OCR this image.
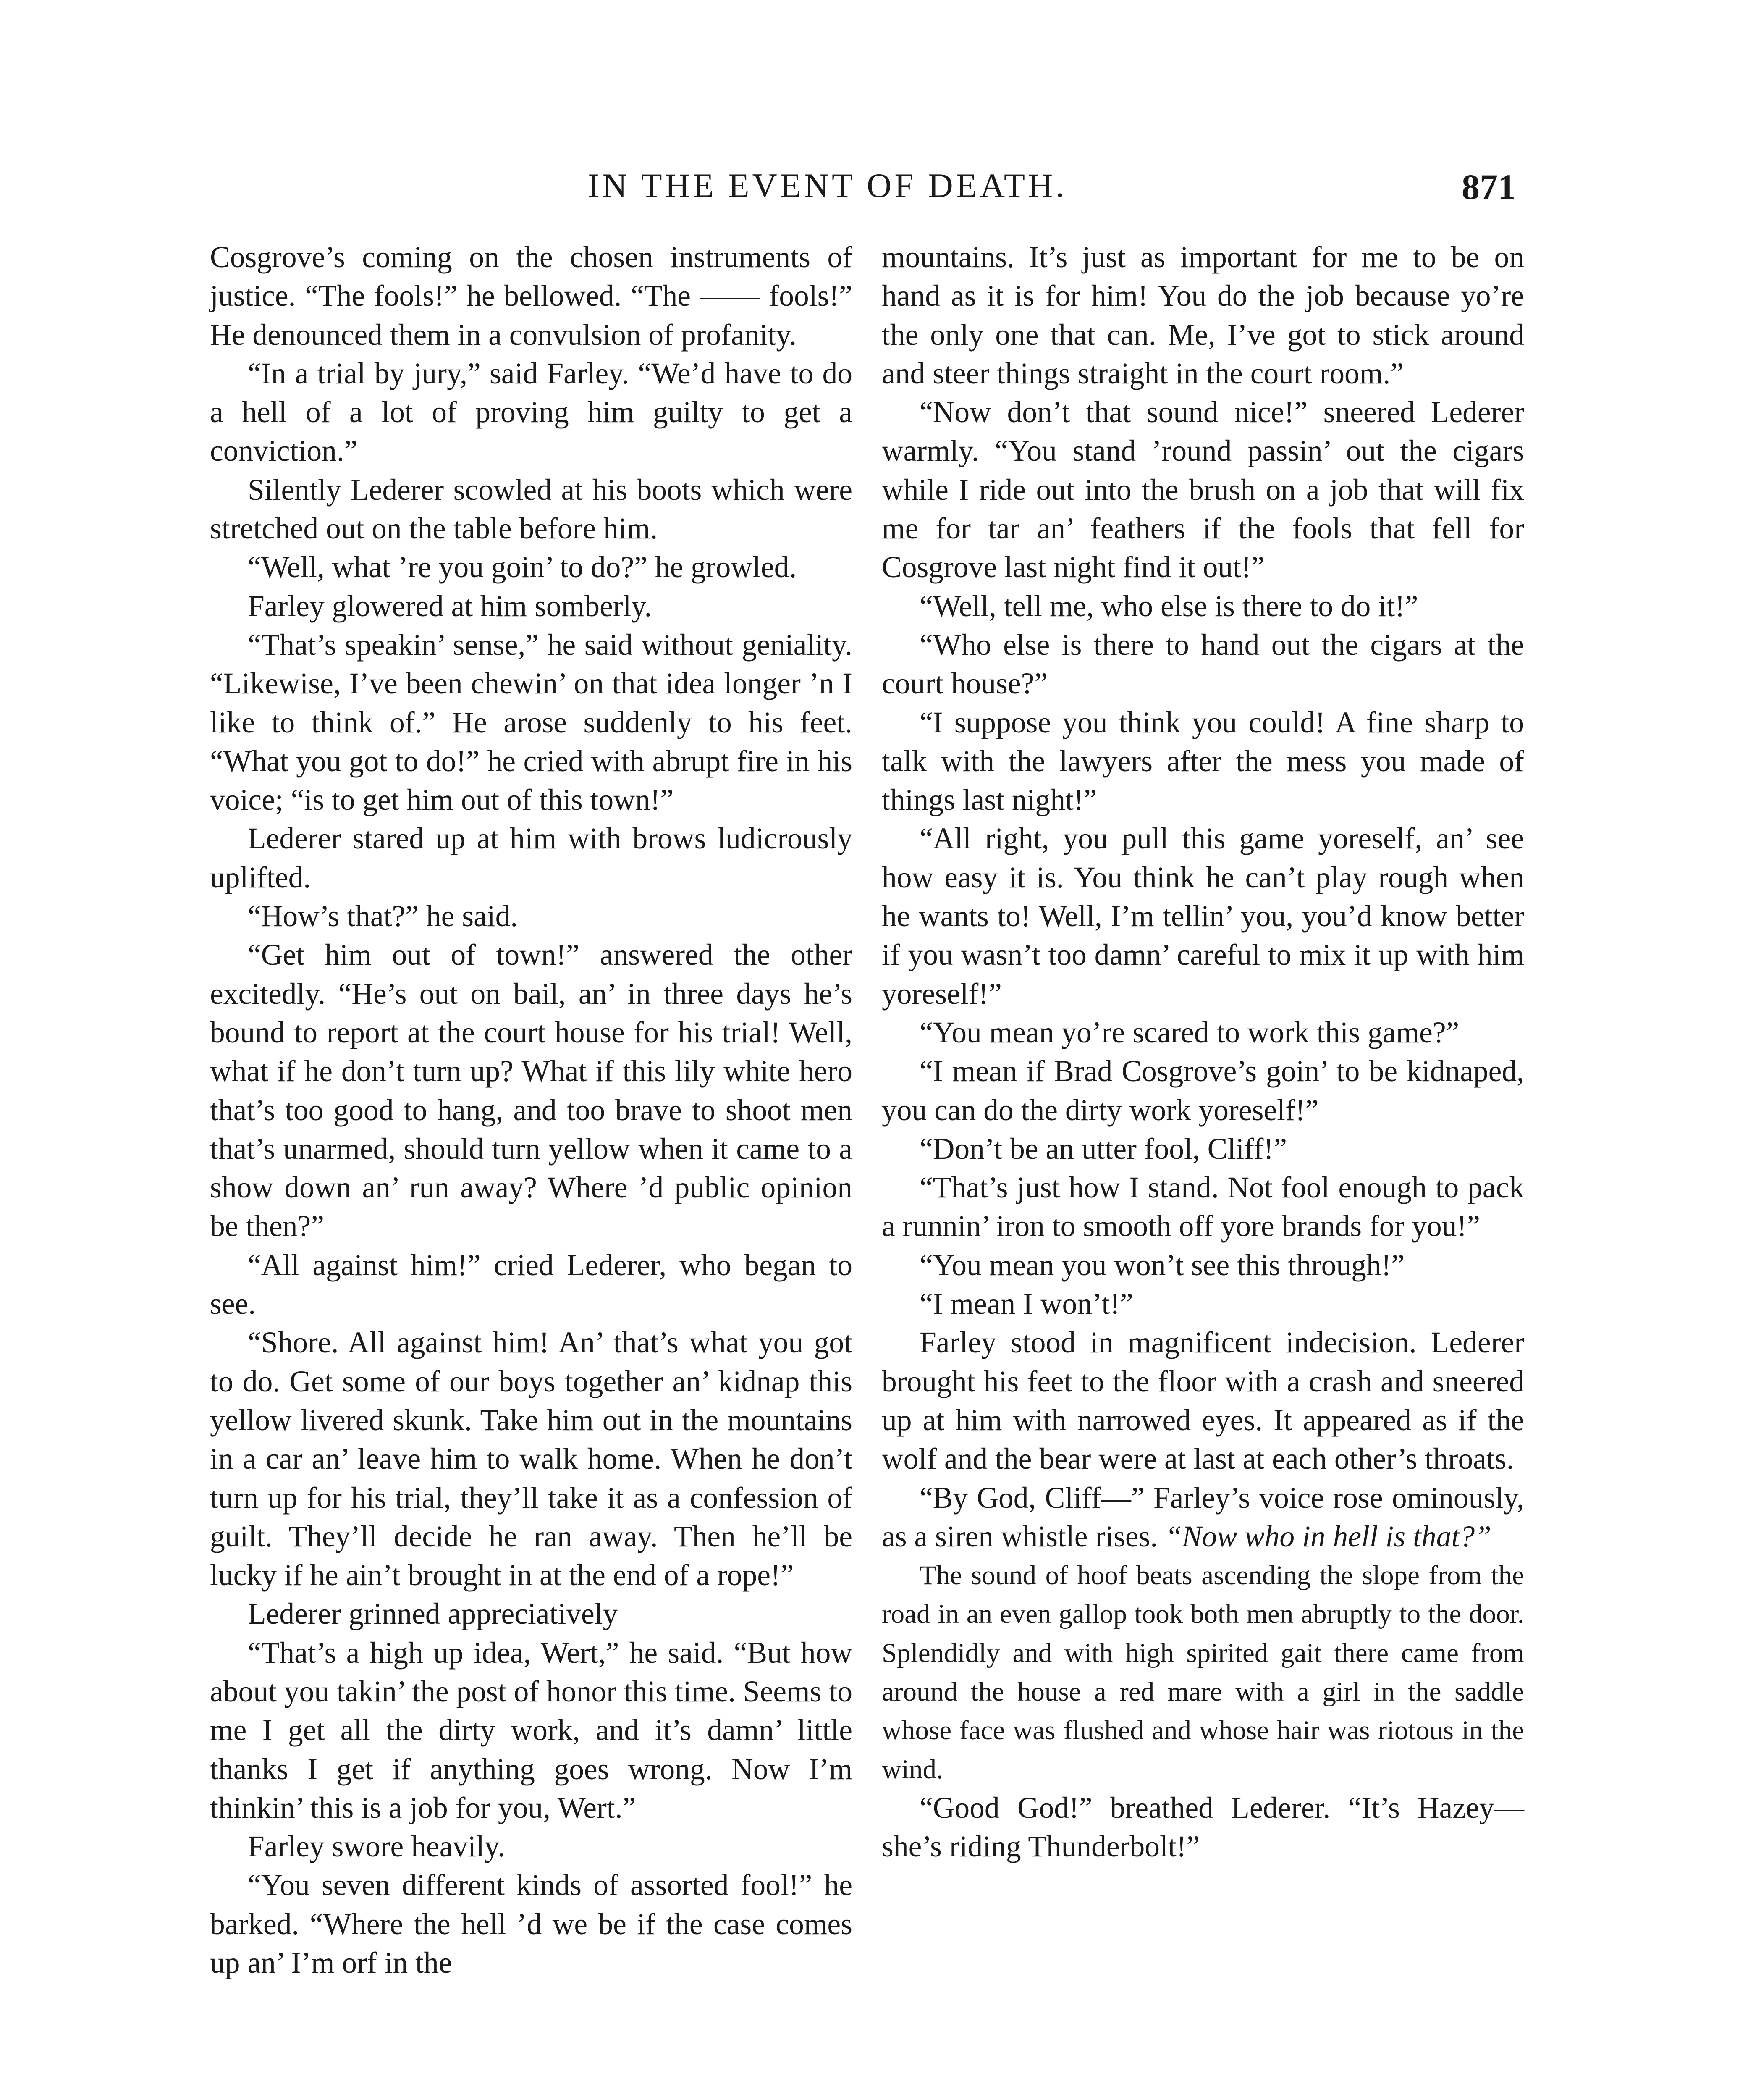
IN THE EVENT OF DEATH.	871

Cosgrove’s coming on the chosen instruments of justice. “The fools!” he bellowed. “The —— fools!” He denounced them in a convulsion of profanity.

“In a trial by jury,” said Farley. “We’d have to do a hell of a lot of proving him guilty to get a conviction.”

Silently Lederer scowled at his boots which were stretched out on the table before him.

“Well, what ’re you goin’ to do?” he growled.

Farley glowered at him somberly.

“That’s speakin’ sense,” he said without geniality. “Likewise, I’ve been chewin’ on that idea longer ’n I like to think of.” He arose suddenly to his feet. “What you got to do!” he cried with abrupt fire in his voice; “is to get him out of this town!”

Lederer stared up at him with brows ludicrously uplifted.

“How’s that?” he said.

“Get him out of town!” answered the other excitedly. “He’s out on bail, an’ in three days he’s bound to report at the court house for his trial! Well, what if he don’t turn up? What if this lily white hero that’s too good to hang, and too brave to shoot men that’s unarmed, should turn yellow when it came to a show down an’ run away? Where ’d public opinion be then?”

“All against him!” cried Lederer, who began to see.

“Shore. All against him! An’ that’s what you got to do. Get some of our boys together an’ kidnap this yellow livered skunk. Take him out in the mountains in a car an’ leave him to walk home. When he don’t turn up for his trial, they’ll take it as a confession of guilt. They’ll decide he ran away. Then he’ll be lucky if he ain’t brought in at the end of a rope!”

Lederer grinned appreciatively

“That’s a high up idea, Wert,” he said. “But how about you takin’ the post of honor this time. Seems to me I get all the dirty work, and it’s damn’ little thanks I get if anything goes wrong. Now I’m thinkin’ this is a job for you, Wert.”

Farley swore heavily.

“You seven different kinds of assorted fool!” he barked. “Where the hell ’d we be if the case comes up an’ I’m orf in the

mountains. It’s just as important for me to be on hand as it is for him! You do the job because yo’re the only one that can. Me, I’ve got to stick around and steer things straight in the court room.”

“Now don’t that sound nice!” sneered Lederer warmly. “You stand ’round passin’ out the cigars while I ride out into the brush on a job that will fix me for tar an’ feathers if the fools that fell for Cosgrove last night find it out!”

“Well, tell me, who else is there to do it!”

“Who else is there to hand out the cigars at the court house?”

“I suppose you think you could! A fine sharp to talk with the lawyers after the mess you made of things last night!”

“All right, you pull this game yoreself, an’ see how easy it is. You think he can’t play rough when he wants to! Well, I’m tellin’ you, you’d know better if you wasn’t too damn’ careful to mix it up with him yoreself!”

“You mean yo’re scared to work this game?”

“I mean if Brad Cosgrove’s goin’ to be kidnaped, you can do the dirty work yoreself!”

“Don’t be an utter fool, Cliff!”

“That’s just how I stand. Not fool enough to pack a runnin’ iron to smooth off yore brands for you!”

“You mean you won’t see this through!”

“I mean I won’t!”

Farley stood in magnificent indecision. Lederer brought his feet to the floor with a crash and sneered up at him with narrowed eyes. It appeared as if the wolf and the bear were at last at each other’s throats.

“By God, Cliff—” Farley’s voice rose ominously, as a siren whistle rises. “Now who in hell is that?”

The sound of hoof beats ascending the slope from the road in an even gallop took both men abruptly to the door. Splendidly and with high spirited gait there came from around the house a red mare with a girl in the saddle whose face was flushed and whose hair was riotous in the wind.

“Good God!” breathed Lederer. “It’s Hazey—she’s riding Thunderbolt!”
